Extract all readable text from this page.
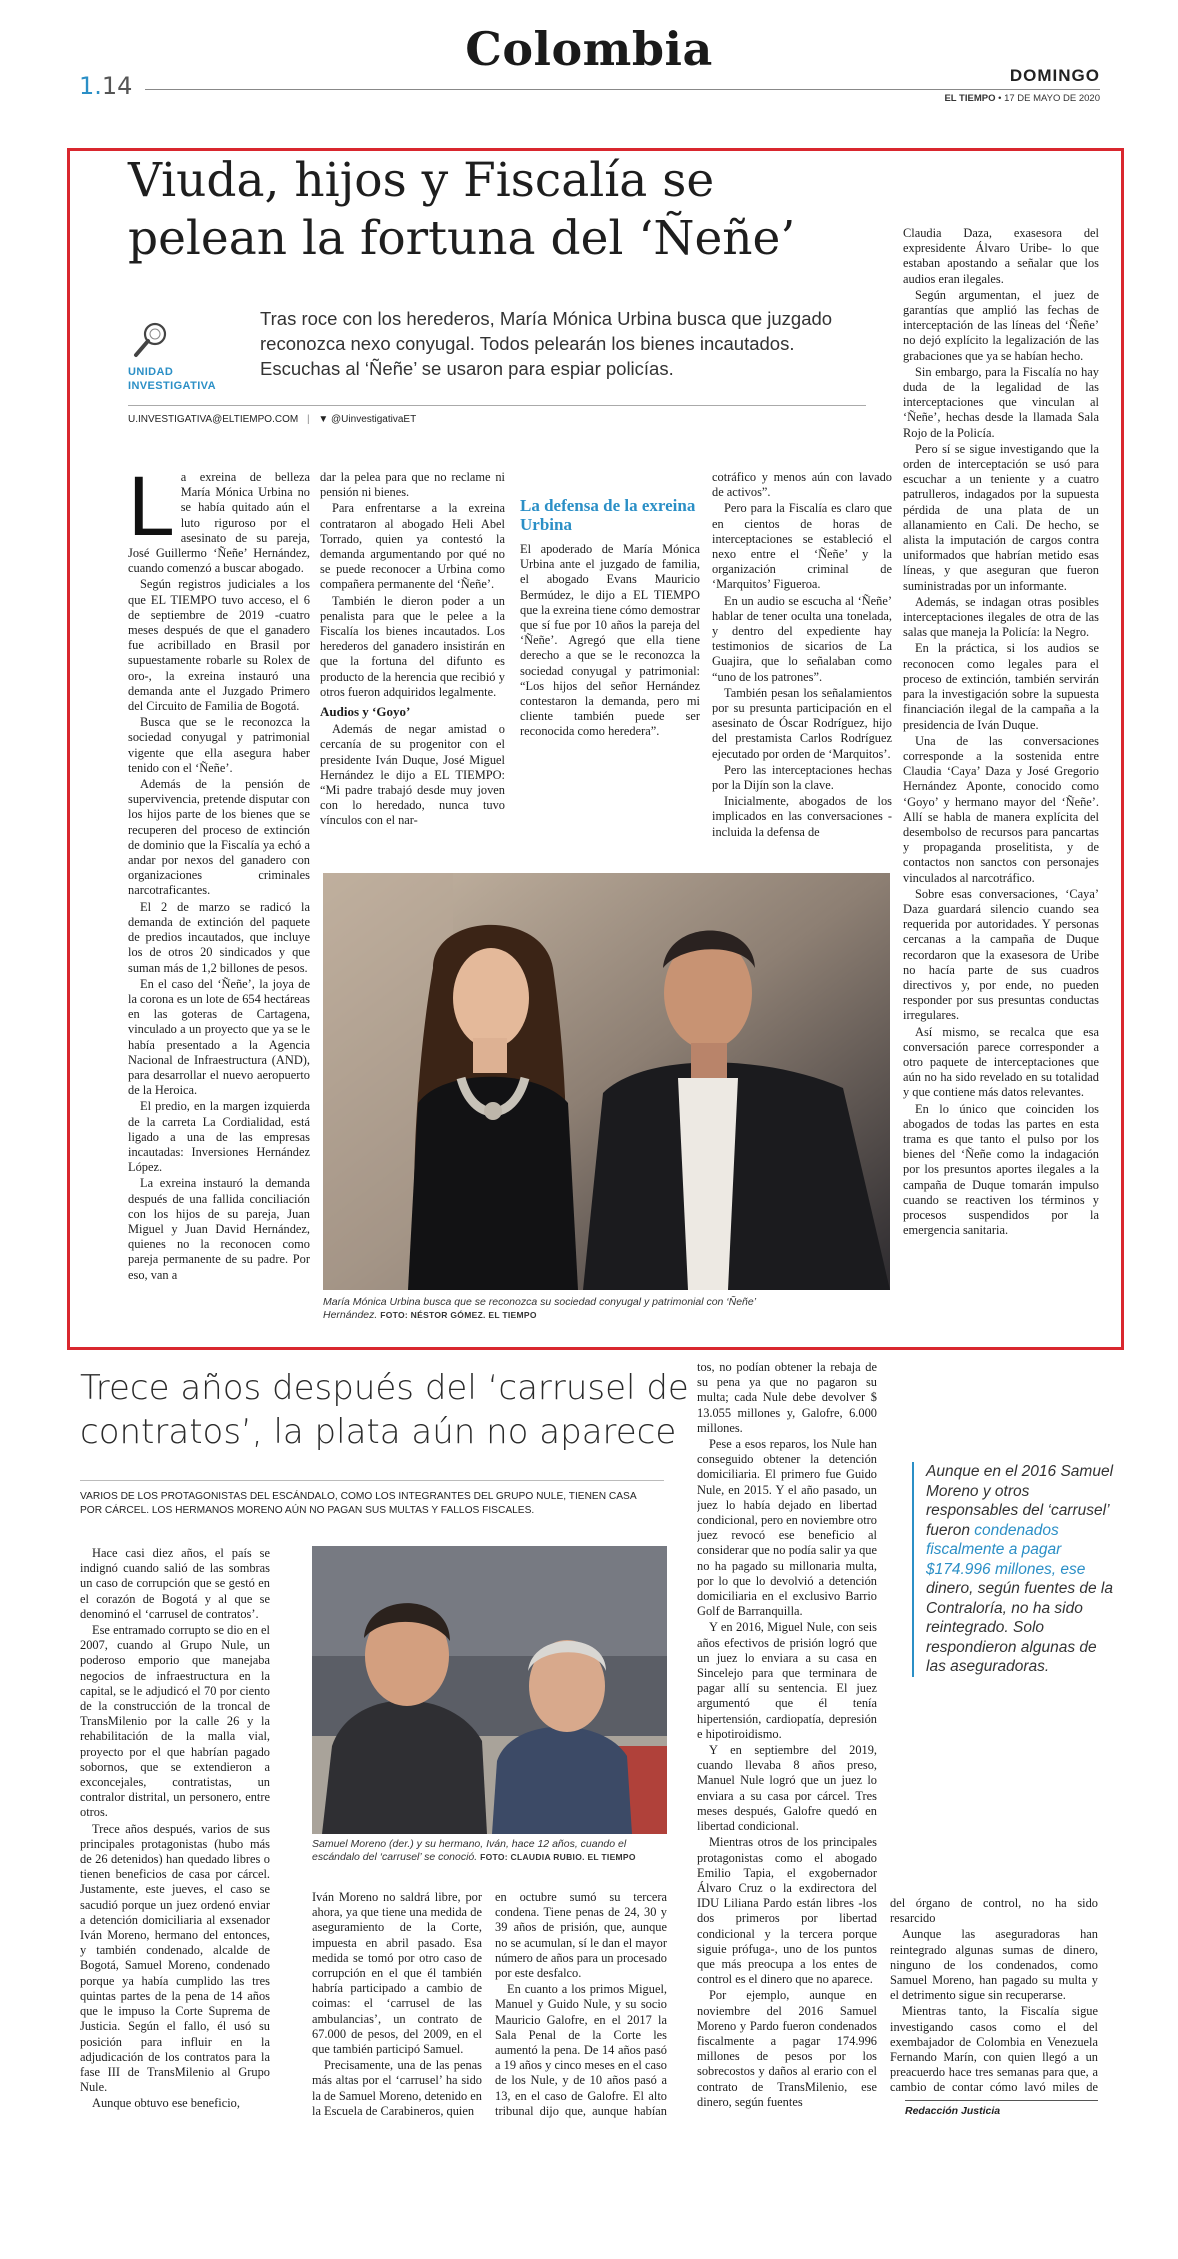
1.14
Colombia	DOMINGO
EL TIEMPO • 17 DE MAYO DE 2020
Viuda, hijos y Fiscalía se
pelean la fortuna del ‘Ñeñe’
UNIDAD
INVESTIGATIVA
Tras roce con los herederos, María Mónica Urbina busca que juzgado reconozca nexo conyugal. Todos pelearán los bienes incautados. Escuchas al ‘Ñeñe’ se usaron para espiar policías.
U.INVESTIGATIVA@ELTIEMPO.COM | ▼ @UinvestigativaET
L a exreina de belleza María Mónica Urbina no se había quitado aún el luto riguroso por el asesinato de su pareja, José Guillermo ‘Ñeñe’ Hernández, cuando comenzó a buscar abogado.

Según registros judiciales a los que EL TIEMPO tuvo acceso, el 6 de septiembre de 2019 -cuatro meses después de que el ganadero fue acribillado en Brasil por supuestamente robarle su Rolex de oro-, la exreina instauró una demanda ante el Juzgado Primero del Circuito de Familia de Bogotá.

Busca que se le reconozca la sociedad conyugal y patrimonial vigente que ella asegura haber tenido con el ‘Ñeñe’.

Además de la pensión de supervivencia, pretende disputar con los hijos parte de los bienes que se recuperen del proceso de extinción de dominio que la Fiscalía ya echó a andar por nexos del ganadero con organizaciones criminales narcotraficantes.

El 2 de marzo se radicó la demanda de extinción del paquete de predios incautados, que incluye los de otros 20 sindicados y que suman más de 1,2 billones de pesos.

En el caso del ‘Ñeñe’, la joya de la corona es un lote de 654 hectáreas en las goteras de Cartagena, vinculado a un proyecto que ya se le había presentado a la Agencia Nacional de Infraestructura (AND), para desarrollar el nuevo aeropuerto de la Heroica.

El predio, en la margen izquierda de la carreta La Cordialidad, está ligado a una de las empresas incautadas: Inversiones Hernández López.

La exreina instauró la demanda después de una fallida conciliación con los hijos de su pareja, Juan Miguel y Juan David Hernández, quienes no la reconocen como pareja permanente de su padre. Por eso, van a

dar la pelea para que no reclame ni pensión ni bienes.

Para enfrentarse a la exreina contrataron al abogado Heli Abel Torrado, quien ya contestó la demanda argumentando por qué no se puede reconocer a Urbina como compañera permanente del ‘Ñeñe’.

También le dieron poder a un penalista para que le pelee a la Fiscalía los bienes incautados. Los herederos del ganadero insistirán en que la fortuna del difunto es producto de la herencia que recibió y otros fueron adquiridos legalmente.

Audios y ‘Goyo’

Además de negar amistad o cercanía de su progenitor con el presidente Iván Duque, José Miguel Hernández le dijo a EL TIEMPO: “Mi padre trabajó desde muy joven con lo heredado, nunca tuvo vínculos con el nar-

La defensa de la exreina Urbina

El apoderado de María Mónica Urbina ante el juzgado de familia, el abogado Evans Mauricio Bermúdez, le dijo a EL TIEMPO que la exreina tiene cómo demostrar que sí fue por 10 años la pareja del ‘Ñeñe’. Agregó que ella tiene derecho a que se le reconozca la sociedad conyugal y patrimonial: “Los hijos del señor Hernández contestaron la demanda, pero mi cliente también puede ser reconocida como heredera”.

cotráfico y menos aún con lavado de activos”.

Pero para la Fiscalía es claro que en cientos de horas de interceptaciones se estableció el nexo entre el ‘Ñeñe’ y la organización criminal de ‘Marquitos’ Figueroa.

En un audio se escucha al ‘Ñeñe’ hablar de tener oculta una tonelada, y dentro del expediente hay testimonios de sicarios de La Guajira, que lo señalaban como “uno de los patrones”.

También pesan los señalamientos por su presunta participación en el asesinato de Óscar Rodríguez, hijo del prestamista Carlos Rodríguez ejecutado por orden de ‘Marquitos’.

Pero las interceptaciones hechas por la Dijín son la clave.

Inicialmente, abogados de los implicados en las conversaciones -incluida la defensa de

Claudia Daza, exasesora del expresidente Álvaro Uribe- lo que estaban apostando a señalar que los audios eran ilegales.

Según argumentan, el juez de garantías que amplió las fechas de interceptación de las líneas del ‘Ñeñe’ no dejó explícito la legalización de las grabaciones que ya se habían hecho.

Sin embargo, para la Fiscalía no hay duda de la legalidad de las interceptaciones que vinculan al ‘Ñeñe’, hechas desde la llamada Sala Rojo de la Policía.

Pero sí se sigue investigando que la orden de interceptación se usó para escuchar a un teniente y a cuatro patrulleros, indagados por la supuesta pérdida de una plata de un allanamiento en Cali. De hecho, se alista la imputación de cargos contra uniformados que habrían metido esas líneas, y que aseguran que fueron suministradas por un informante.

Además, se indagan otras posibles interceptaciones ilegales de otra de las salas que maneja la Policía: la Negro.

En la práctica, si los audios se reconocen como legales para el proceso de extinción, también servirán para la investigación sobre la supuesta financiación ilegal de la campaña a la presidencia de Iván Duque.

Una de las conversaciones corresponde a la sostenida entre Claudia ‘Caya’ Daza y José Gregorio Hernández Aponte, conocido como ‘Goyo’ y hermano mayor del ‘Ñeñe’. Allí se habla de manera explícita del desembolso de recursos para pancartas y propaganda proselitista, y de contactos non sanctos con personajes vinculados al narcotráfico.

Sobre esas conversaciones, ‘Caya’ Daza guardará silencio cuando sea requerida por autoridades. Y personas cercanas a la campaña de Duque recordaron que la exasesora de Uribe no hacía parte de sus cuadros directivos y, por ende, no pueden responder por sus presuntas conductas irregulares.

Así mismo, se recalca que esa conversación parece corresponder a otro paquete de interceptaciones que aún no ha sido revelado en su totalidad y que contiene más datos relevantes.

En lo único que coinciden los abogados de todas las partes en esta trama es que tanto el pulso por los bienes del ‘Ñeñe como la indagación por los presuntos aportes ilegales a la campaña de Duque tomarán impulso cuando se reactiven los términos y procesos suspendidos por la emergencia sanitaria.

María Mónica Urbina busca que se reconozca su sociedad conyugal y patrimonial con ‘Ñeñe’ Hernández. FOTO: NÉSTOR GÓMEZ. EL TIEMPO
Trece años después del ‘carrusel de
contratos’, la plata aún no aparece
VARIOS DE LOS PROTAGONISTAS DEL ESCÁNDALO, COMO LOS INTEGRANTES DEL GRUPO NULE, TIENEN CASA POR CÁRCEL. LOS HERMANOS MORENO AÚN NO PAGAN SUS MULTAS Y FALLOS FISCALES.

Hace casi diez años, el país se indignó cuando salió de las sombras un caso de corrupción que se gestó en el corazón de Bogotá y al que se denominó el ‘carrusel de contratos’.

Ese entramado corrupto se dio en el 2007, cuando al Grupo Nule, un poderoso emporio que manejaba negocios de infraestructura en la capital, se le adjudicó el 70 por ciento de la construcción de la troncal de TransMilenio por la calle 26 y la rehabilitación de la malla vial, proyecto por el que habrían pagado sobornos, que se extendieron a exconcejales, contratistas, un contralor distrital, un personero, entre otros.

Trece años después, varios de sus principales protagonistas (hubo más de 26 detenidos) han quedado libres o tienen beneficios de casa por cárcel. Justamente, este jueves, el caso se sacudió porque un juez ordenó enviar a detención domiciliaria al exsenador Iván Moreno, hermano del entonces, y también condenado, alcalde de Bogotá, Samuel Moreno, condenado porque ya había cumplido las tres quintas partes de la pena de 14 años que le impuso la Corte Suprema de Justicia. Según el fallo, él usó su posición para influir en la adjudicación de los contratos para la fase III de TransMilenio al Grupo Nule.

Aunque obtuvo ese beneficio,

Samuel Moreno (der.) y su hermano, Iván, hace 12 años, cuando el escándalo del ‘carrusel’ se conoció. FOTO: CLAUDIA RUBIO. EL TIEMPO

Iván Moreno no saldrá libre, por ahora, ya que tiene una medida de aseguramiento de la Corte, impuesta en abril pasado. Esa medida se tomó por otro caso de corrupción en el que él también habría participado a cambio de coimas: el ‘carrusel de las ambulancias’, un contrato de 67.000 de pesos, del 2009, en el que también participó Samuel.

Precisamente, una de las penas más altas por el ‘carrusel’ ha sido la de Samuel Moreno, detenido en la Escuela de Carabineros, quien

en octubre sumó su tercera condena. Tiene penas de 24, 30 y 39 años de prisión, que, aunque no se acumulan, sí le dan el mayor número de años para un procesado por este desfalco.

En cuanto a los primos Miguel, Manuel y Guido Nule, y su socio Mauricio Galofre, en el 2017 la Sala Penal de la Corte les aumentó la pena. De 14 años pasó a 19 años y cinco meses en el caso de los Nule, y de 10 años pasó a 13, en el caso de Galofre. El alto tribunal dijo que, aunque habían

tos, no podían obtener la rebaja de su pena ya que no pagaron su multa; cada Nule debe devolver $ 13.055 millones y, Galofre, 6.000 millones.

Pese a esos reparos, los Nule han conseguido obtener la detención domiciliaria. El primero fue Guido Nule, en 2015. Y el año pasado, un juez lo había dejado en libertad condicional, pero en noviembre otro juez revocó ese beneficio al considerar que no podía salir ya que no ha pagado su millonaria multa, por lo que lo devolvió a detención domiciliaria en el exclusivo Barrio Golf de Barranquilla.

Y en 2016, Miguel Nule, con seis años efectivos de prisión logró que un juez lo enviara a su casa en Sincelejo para que terminara de pagar allí su sentencia. El juez argumentó que él tenía hipertensión, cardiopatía, depresión e hipotiroidismo.

Y en septiembre del 2019, cuando llevaba 8 años preso, Manuel Nule logró que un juez lo enviara a su casa por cárcel. Tres meses después, Galofre quedó en libertad condicional.

Mientras otros de los principales protagonistas como el abogado Emilio Tapia, el exgobernador Álvaro Cruz o la exdirectora del IDU Liliana Pardo están libres -los dos primeros por libertad condicional y la tercera porque siguie prófuga-, uno de los puntos que más preocupa a los entes de control es el dinero que no aparece.

Por ejemplo, aunque en noviembre del 2016 Samuel Moreno y Pardo fueron condenados fiscalmente a pagar 174.996 millones de pesos por los sobrecostos y daños al erario con el contrato de TransMilenio, ese dinero, según fuentes

Aunque en el 2016 Samuel Moreno y otros responsables del ‘carrusel’ fueron condenados fiscalmente a pagar $174.996 millones, ese dinero, según fuentes de la Contraloría, no ha sido reintegrado. Solo respondieron algunas de las aseguradoras.

del órgano de control, no ha sido resarcido

Aunque las aseguradoras han reintegrado algunas sumas de dinero, ninguno de los condenados, como Samuel Moreno, han pagado su multa y el detrimento sigue sin recuperarse.

Mientras tanto, la Fiscalía sigue investigando casos como el del exembajador de Colombia en Venezuela Fernando Marín, con quien llegó a un preacuerdo hace tres semanas para que, a cambio de contar cómo lavó miles de

Redacción Justicia
